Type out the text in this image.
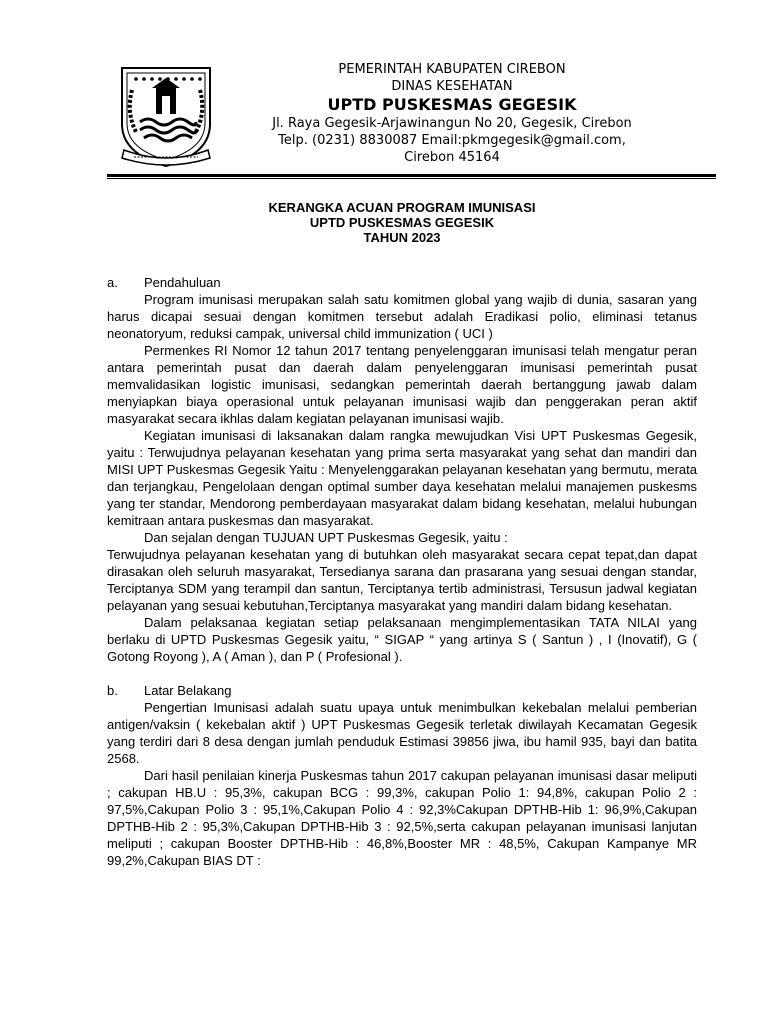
PEMERINTAH KABUPATEN CIREBON
DINAS KESEHATAN
UPTD PUSKESMAS GEGESIK
Jl. Raya Gegesik-Arjawinangun No 20, Gegesik, Cirebon
Telp. (0231) 8830087 Email:pkmgegesik@gmail.com,
Cirebon 45164
KERANGKA ACUAN PROGRAM IMUNISASI
UPTD PUSKESMAS GEGESIK
TAHUN 2023
a.	Pendahuluan

Program imunisasi merupakan salah satu komitmen global yang wajib di dunia, sasaran yang harus dicapai sesuai dengan komitmen tersebut adalah Eradikasi polio, eliminasi tetanus neonatoryum, reduksi campak, universal child immunization ( UCI )

Permenkes RI Nomor 12 tahun 2017 tentang penyelenggaran imunisasi telah mengatur peran antara pemerintah pusat dan daerah dalam penyelenggaran imunisasi pemerintah pusat memvalidasikan logistic imunisasi, sedangkan pemerintah daerah bertanggung jawab dalam menyiapkan biaya operasional untuk pelayanan imunisasi wajib dan penggerakan peran aktif masyarakat secara ikhlas dalam kegiatan pelayanan imunisasi wajib.

Kegiatan imunisasi di laksanakan dalam rangka mewujudkan Visi UPT Puskesmas Gegesik, yaitu : Terwujudnya pelayanan kesehatan yang prima serta masyarakat yang sehat dan mandiri dan MISI UPT Puskesmas Gegesik Yaitu : Menyelenggarakan pelayanan kesehatan yang bermutu, merata dan terjangkau, Pengelolaan dengan optimal sumber daya kesehatan melalui manajemen puskesms yang ter standar, Mendorong pemberdayaan masyarakat dalam bidang kesehatan, melalui hubungan kemitraan antara puskesmas dan masyarakat.

Dan sejalan dengan TUJUAN UPT Puskesmas Gegesik, yaitu :

Terwujudnya pelayanan kesehatan yang di butuhkan oleh masyarakat secara cepat tepat,dan dapat dirasakan oleh seluruh masyarakat, Tersedianya sarana dan prasarana yang sesuai dengan standar, Terciptanya SDM yang terampil dan santun, Terciptanya tertib administrasi, Tersusun jadwal kegiatan pelayanan yang sesuai kebutuhan,Terciptanya masyarakat yang mandiri dalam bidang kesehatan.

Dalam pelaksanaa kegiatan setiap pelaksanaan mengimplementasikan TATA NILAI yang berlaku di UPTD Puskesmas Gegesik yaitu, “ SIGAP “ yang artinya S ( Santun ) , I (Inovatif), G ( Gotong Royong ), A ( Aman ), dan P ( Profesional ).

b.	Latar Belakang

Pengertian Imunisasi adalah suatu upaya untuk menimbulkan kekebalan melalui pemberian antigen/vaksin ( kekebalan aktif ) UPT Puskesmas Gegesik terletak diwilayah Kecamatan Gegesik yang terdiri dari 8 desa dengan jumlah penduduk Estimasi 39856 jiwa, ibu hamil 935, bayi dan batita 2568.

Dari hasil penilaian kinerja Puskesmas tahun 2017 cakupan pelayanan imunisasi dasar meliputi ; cakupan HB.U : 95,3%, cakupan BCG : 99,3%, cakupan Polio 1: 94,8%, cakupan Polio 2 : 97,5%,Cakupan Polio 3 : 95,1%,Cakupan Polio 4 : 92,3%Cakupan DPTHB-Hib 1: 96,9%,Cakupan DPTHB-Hib 2 : 95,3%,Cakupan DPTHB-Hib 3 : 92,5%,serta cakupan pelayanan imunisasi lanjutan meliputi ; cakupan Booster DPTHB-Hib : 46,8%,Booster MR : 48,5%, Cakupan Kampanye MR 99,2%,Cakupan BIAS DT :
